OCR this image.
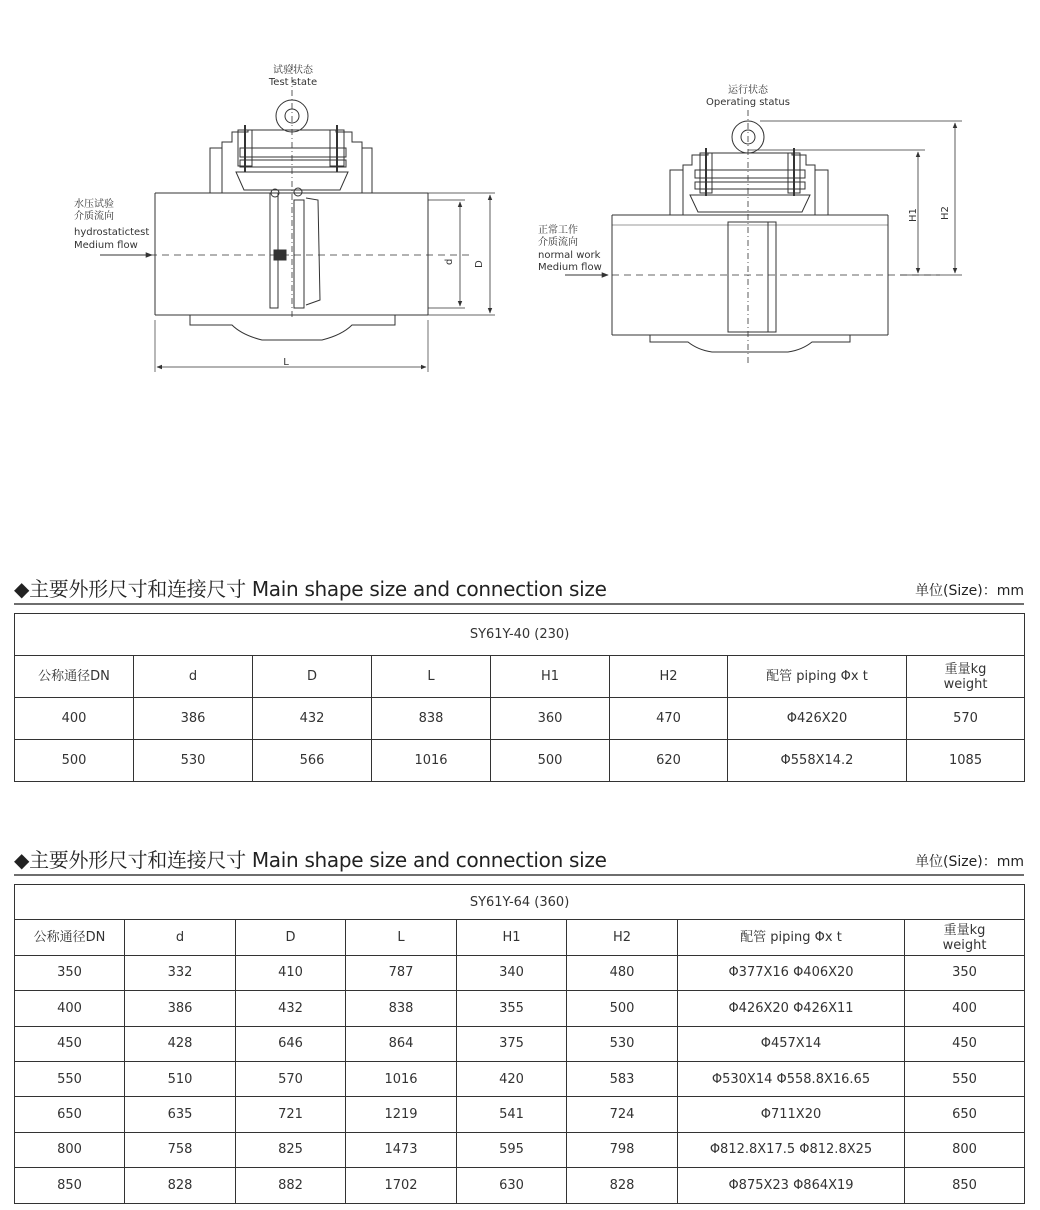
试验状态
Test state
水压试验
介质流向
hydrostatictest
Medium flow
d D
L
运行状态
Operating status
正常工作
介质流向
normal work
Medium flow
H1 H2
◆主要外形尺寸和连接尺寸 Main shape size and connection size	单位(Size)：mm
SY61Y-40 (230)							
公称通径DN	d	D	L	H1	H2	配管 piping Φx t	重量kg
weight
400	386	432	838	360	470	Φ426X20	570
500	530	566	1016	500	620	Φ558X14.2	1085
◆主要外形尺寸和连接尺寸 Main shape size and connection size	单位(Size)：mm
SY61Y-64 (360)							
公称通径DN	d	D	L	H1	H2	配管 piping Φx t	重量kg
weight
350	332	410	787	340	480	Φ377X16 Φ406X20	350
400	386	432	838	355	500	Φ426X20 Φ426X11	400
450	428	646	864	375	530	Φ457X14	450
550	510	570	1016	420	583	Φ530X14 Φ558.8X16.65	550
650	635	721	1219	541	724	Φ711X20	650
800	758	825	1473	595	798	Φ812.8X17.5 Φ812.8X25	800
850	828	882	1702	630	828	Φ875X23 Φ864X19	850
